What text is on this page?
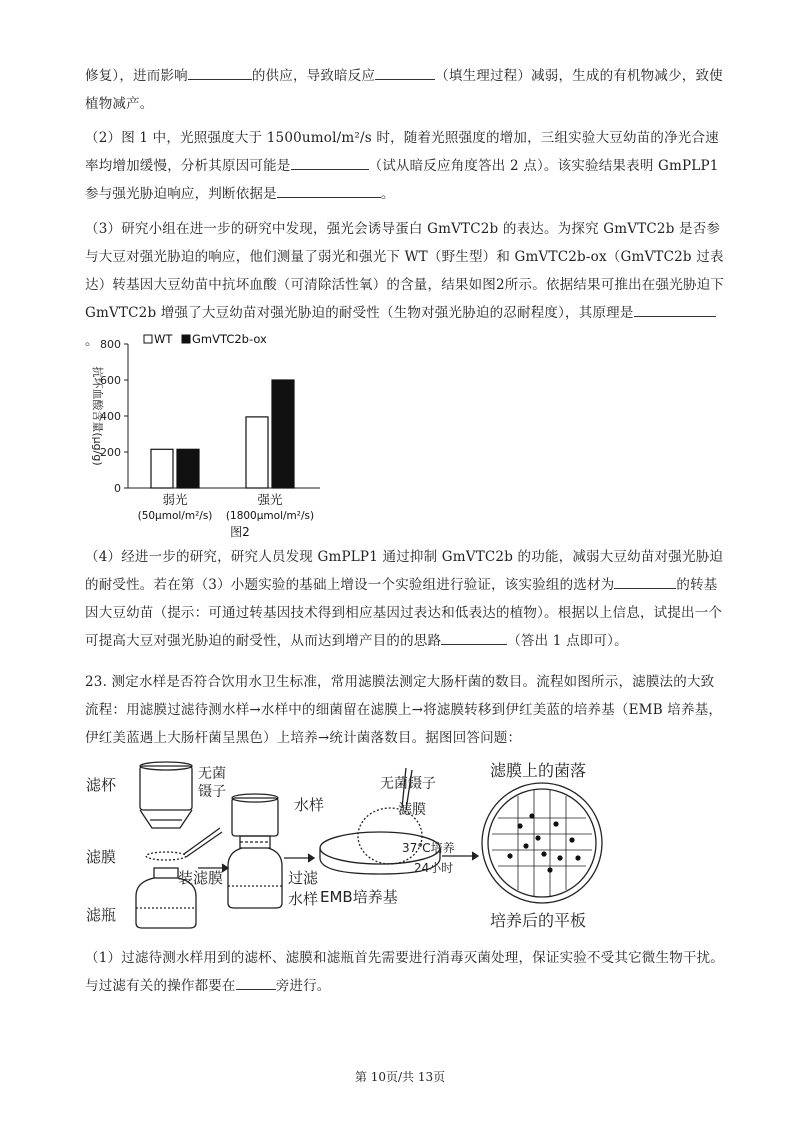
修复），进而影响	的供应，导致暗反应	（填生理过程）减弱，生成的有机物减少，致使植物减产。
（2）图 1 中，光照强度大于 1500umol/m²/s 时，随着光照强度的增加，三组实验大豆幼苗的净光合速率均增加缓慢，分析其原因可能是	（试从暗反应角度答出 2 点）。该实验结果表明 GmPLP1 参与强光胁迫响应，判断依据是	。
（3）研究小组在进一步的研究中发现，强光会诱导蛋白 GmVTC2b 的表达。为探究 GmVTC2b 是否参与大豆对强光胁迫的响应，他们测量了弱光和强光下 WT（野生型）和 GmVTC2b-ox（GmVTC2b 过表达）转基因大豆幼苗中抗坏血酸（可清除活性氧）的含量，结果如图2所示。依据结果可推出在强光胁迫下 GmVTC2b 增强了大豆幼苗对强光胁迫的耐受性（生物对强光胁迫的忍耐程度），其原理是。
0
200
400
600
800
抗坏血酸含量(μg/g)
WT GmVTC2b-ox
弱光
(50μmol/m²/s)
强光
(1800μmol/m²/s)
图2
（4）经进一步的研究，研究人员发现 GmPLP1 通过抑制 GmVTC2b 的功能，减弱大豆幼苗对强光胁迫的耐受性。若在第（3）小题实验的基础上增设一个实验组进行验证，该实验组的选材为	的转基因大豆幼苗（提示：可通过转基因技术得到相应基因过表达和低表达的植物）。根据以上信息，试提出一个可提高大豆对强光胁迫的耐受性，从而达到增产目的的思路	（答出 1 点即可）。
23. 测定水样是否符合饮用水卫生标准，常用滤膜法测定大肠杆菌的数目。流程如图所示，滤膜法的大致流程：用滤膜过滤待测水样→水样中的细菌留在滤膜上→将滤膜转移到伊红美蓝的培养基（EMB 培养基，伊红美蓝遇上大肠杆菌呈黑色）上培养→统计菌落数目。据图回答问题：
滤杯
滤膜
滤瓶
无菌
镊子
水样
装滤膜	过滤
水样
无菌镊子
滤膜
EMB培养基
37℃培养
24小时
滤膜上的菌落
培养后的平板
无菌镊子
（1）过滤待测水样用到的滤杯、滤膜和滤瓶首先需要进行消毒灭菌处理，保证实验不受其它微生物干扰。与过滤有关的操作都要在	旁进行。
第 10页/共 13页
